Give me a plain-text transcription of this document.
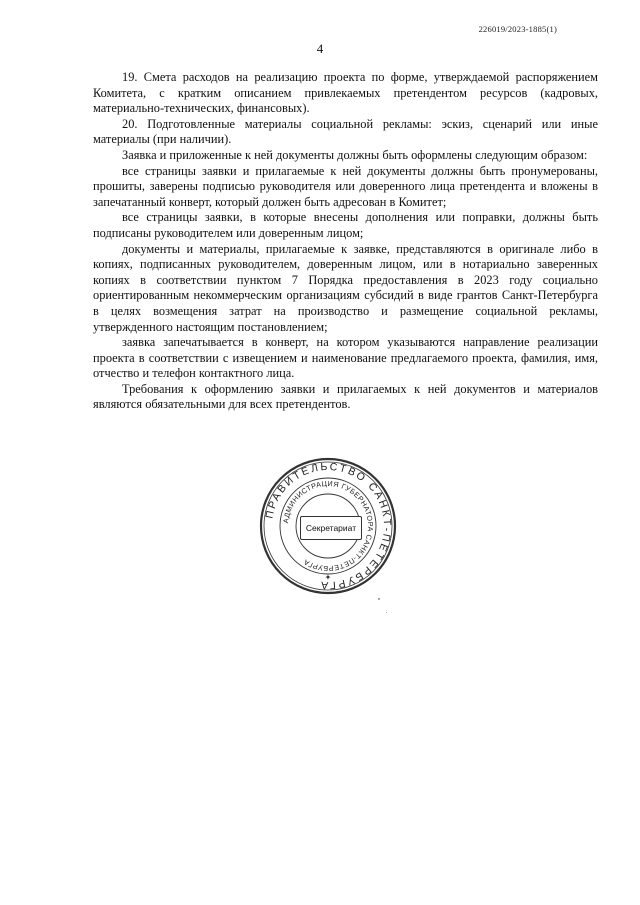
226019/2023-1885(1)
4

19. Смета расходов на реализацию проекта по форме, утверждаемой распоряжением Комитета, с кратким описанием привлекаемых претендентом ресурсов (кадровых, материально-технических, финансовых).

20. Подготовленные материалы социальной рекламы: эскиз, сценарий или иные материалы (при наличии).

Заявка и приложенные к ней документы должны быть оформлены следующим образом:

все страницы заявки и прилагаемые к ней документы должны быть пронумерованы, прошиты, заверены подписью руководителя или доверенного лица претендента и вложены в запечатанный конверт, который должен быть адресован в Комитет;

все страницы заявки, в которые внесены дополнения или поправки, должны быть подписаны руководителем или доверенным лицом;

документы и материалы, прилагаемые к заявке, представляются в оригинале либо в копиях, подписанных руководителем, доверенным лицом, или в нотариально заверенных копиях в соответствии пунктом 7 Порядка предоставления в 2023 году социально ориентированным некоммерческим организациям субсидий в виде грантов Санкт-Петербурга в целях возмещения затрат на производство и размещение социальной рекламы, утвержденного настоящим постановлением;

заявка запечатывается в конверт, на котором указываются направление реализации проекта в соответствии с извещением и наименование предлагаемого проекта, фамилия, имя, отчество и телефон контактного лица.

Требования к оформлению заявки и прилагаемых к ней документов и материалов являются обязательными для всех претендентов.

ПРАВИТЕЛЬСТВО САНКТ-ПЕТЕРБУРГА
АДМИНИСТРАЦИЯ ГУБЕРНАТОРА САНКТ-ПЕТЕРБУРГА
✦
Секретариат
